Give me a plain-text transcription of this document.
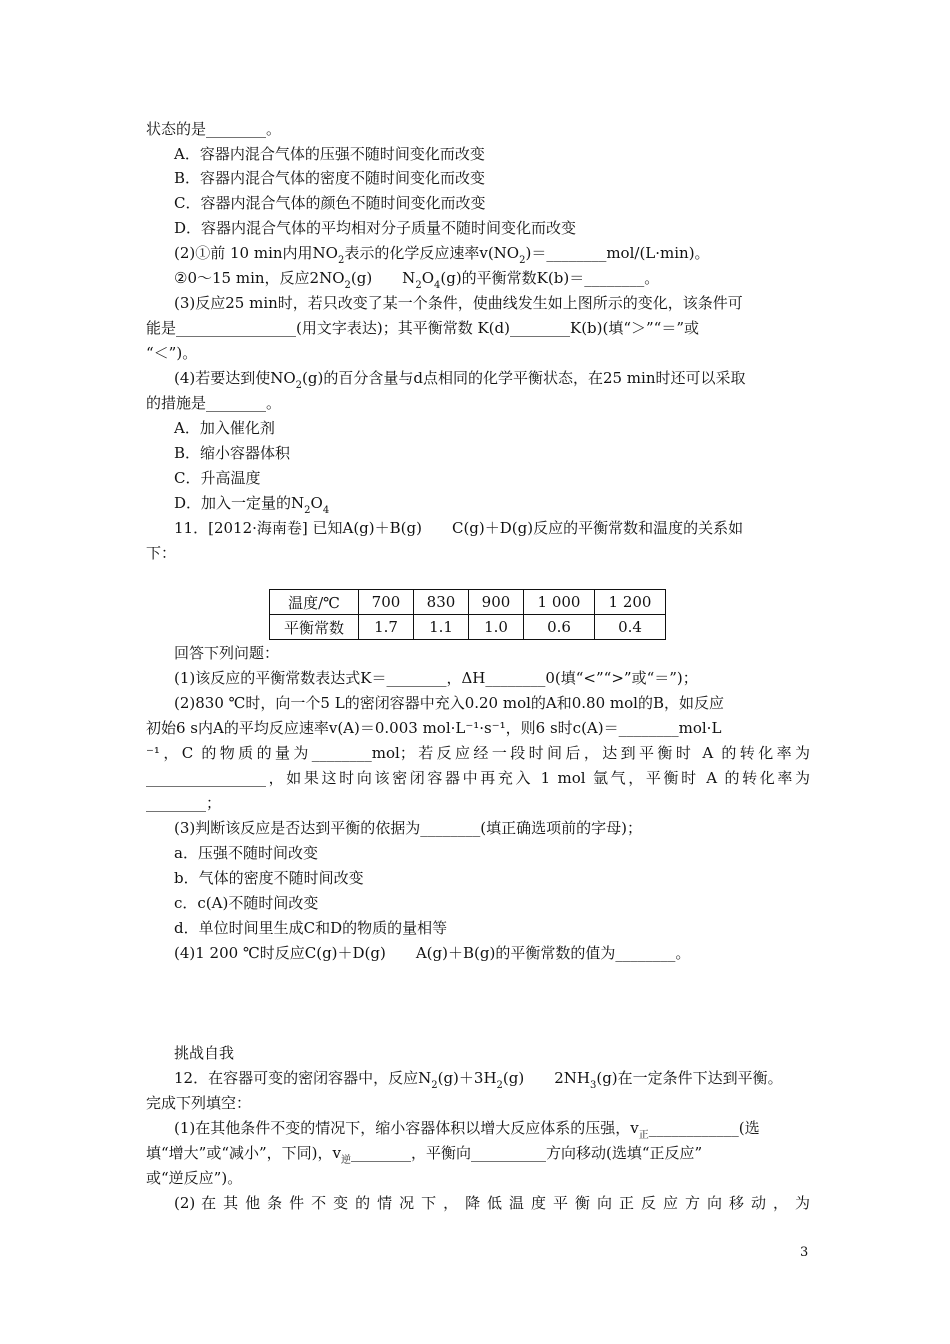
状态的是________。
A．容器内混合气体的压强不随时间变化而改变
B．容器内混合气体的密度不随时间变化而改变
C．容器内混合气体的颜色不随时间变化而改变
D．容器内混合气体的平均相对分子质量不随时间变化而改变
(2)①前 10 min内用$NO_2$表示的化学反应速率$v(NO_2)=\_\_\_\_\_\_\_\_mol/(L\cdot\min)$。
②0～15 min，反应$2NO_2(g)$　　$N_2O_4(g)$的平衡常数K(b)＝________。
(3)反应25 min时，若只改变了某一个条件，使曲线发生如上图所示的变化，该条件可
能是________________(用文字表达)；其平衡常数 K(d)________K(b)(填“＞”“＝”或
“＜”)。
(4)若要达到使$NO_2(g)$的百分含量与d点相同的化学平衡状态，在25 min时还可以采取
的措施是________。
A．加入催化剂
B．缩小容器体积
C．升高温度
D．加入一定量的$N_2O_4$
11．[2012·海南卷] 已知A(g)＋B(g)　　C(g)＋D(g)反应的平衡常数和温度的关系如
下：
温度/℃	700	830	900	1 000	1 200
平衡常数	1.7	1.1	1.0	0.6	0.4
回答下列问题：
(1)该反应的平衡常数表达式K＝________，ΔH________0(填“<”“>”或“＝”)；
(2)830 ℃时，向一个5 L的密闭容器中充入0.20 mol的A和0.80 mol的B，如反应
初始6 s内A的平均反应速率v(A)＝0.003 mol·L⁻¹·s⁻¹，则6 s时c(A)＝________mol·L
⁻¹，C 的物质的量为________mol；若反应经一段时间后，达到平衡时 A 的转化率为
________________，如果这时向该密闭容器中再充入 1 mol 氩气，平衡时 A 的转化率为
________；
(3)判断该反应是否达到平衡的依据为________(填正确选项前的字母)；
a．压强不随时间改变
b．气体的密度不随时间改变
c．c(A)不随时间改变
d．单位时间里生成C和D的物质的量相等
(4)1 200 ℃时反应C(g)＋D(g)　　A(g)＋B(g)的平衡常数的值为________。
挑战自我
12．在容器可变的密闭容器中，反应$N_2(g)+3H_2(g)$　　$2NH_3(g)$在一定条件下达到平衡。
完成下列填空：
(1)在其他条件不变的情况下，缩小容器体积以增大反应体系的压强，$v_正\_\_\_\_\_\_\_\_\_\_\_\_$(选
填“增大”或“减小”，下同)，$v_逆\_\_\_\_\_\_\_\_$，平衡向__________方向移动(选填“正反应”
或“逆反应”)。
(2) 在 其 他 条 件 不 变 的 情 况 下 ， 降 低 温 度 平 衡 向 正 反 应 方 向 移 动 ， 为
3
